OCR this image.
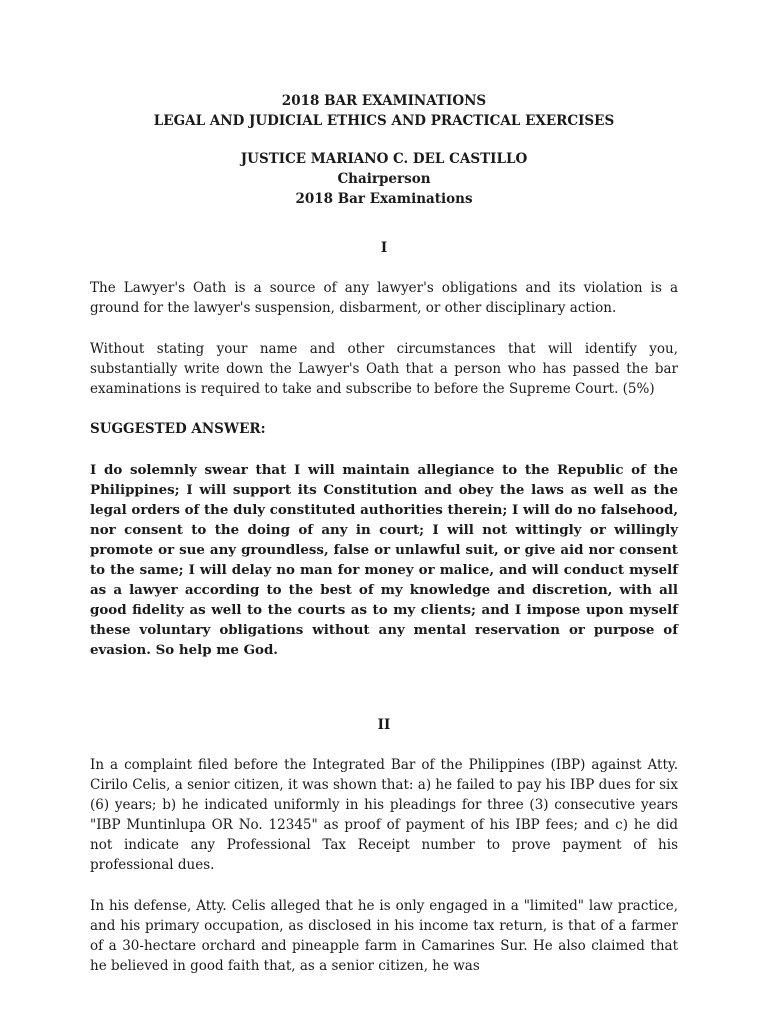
2018 BAR EXAMINATIONS

LEGAL AND JUDICIAL ETHICS AND PRACTICAL EXERCISES

JUSTICE MARIANO C. DEL CASTILLO

Chairperson

2018 Bar Examinations

I

The Lawyer's Oath is a source of any lawyer's obligations and its violation is a ground for the lawyer's suspension, disbarment, or other disciplinary action.

Without stating your name and other circumstances that will identify you, substantially write down the Lawyer's Oath that a person who has passed the bar examinations is required to take and subscribe to before the Supreme Court. (5%)

SUGGESTED ANSWER:

I do solemnly swear that I will maintain allegiance to the Republic of the Philippines; I will support its Constitution and obey the laws as well as the legal orders of the duly constituted authorities therein; I will do no falsehood, nor consent to the doing of any in court; I will not wittingly or willingly promote or sue any groundless, false or unlawful suit, or give aid nor consent to the same; I will delay no man for money or malice, and will conduct myself as a lawyer according to the best of my knowledge and discretion, with all good fidelity as well to the courts as to my clients; and I impose upon myself these voluntary obligations without any mental reservation or purpose of evasion. So help me God.

II

In a complaint filed before the Integrated Bar of the Philippines (IBP) against Atty. Cirilo Celis, a senior citizen, it was shown that: a) he failed to pay his IBP dues for six (6) years; b) he indicated uniformly in his pleadings for three (3) consecutive years "IBP Muntinlupa OR No. 12345" as proof of payment of his IBP fees; and c) he did not indicate any Professional Tax Receipt number to prove payment of his professional dues.

In his defense, Atty. Celis alleged that he is only engaged in a "limited" law practice, and his primary occupation, as disclosed in his income tax return, is that of a farmer of a 30-hectare orchard and pineapple farm in Camarines Sur. He also claimed that he believed in good faith that, as a senior citizen, he was
